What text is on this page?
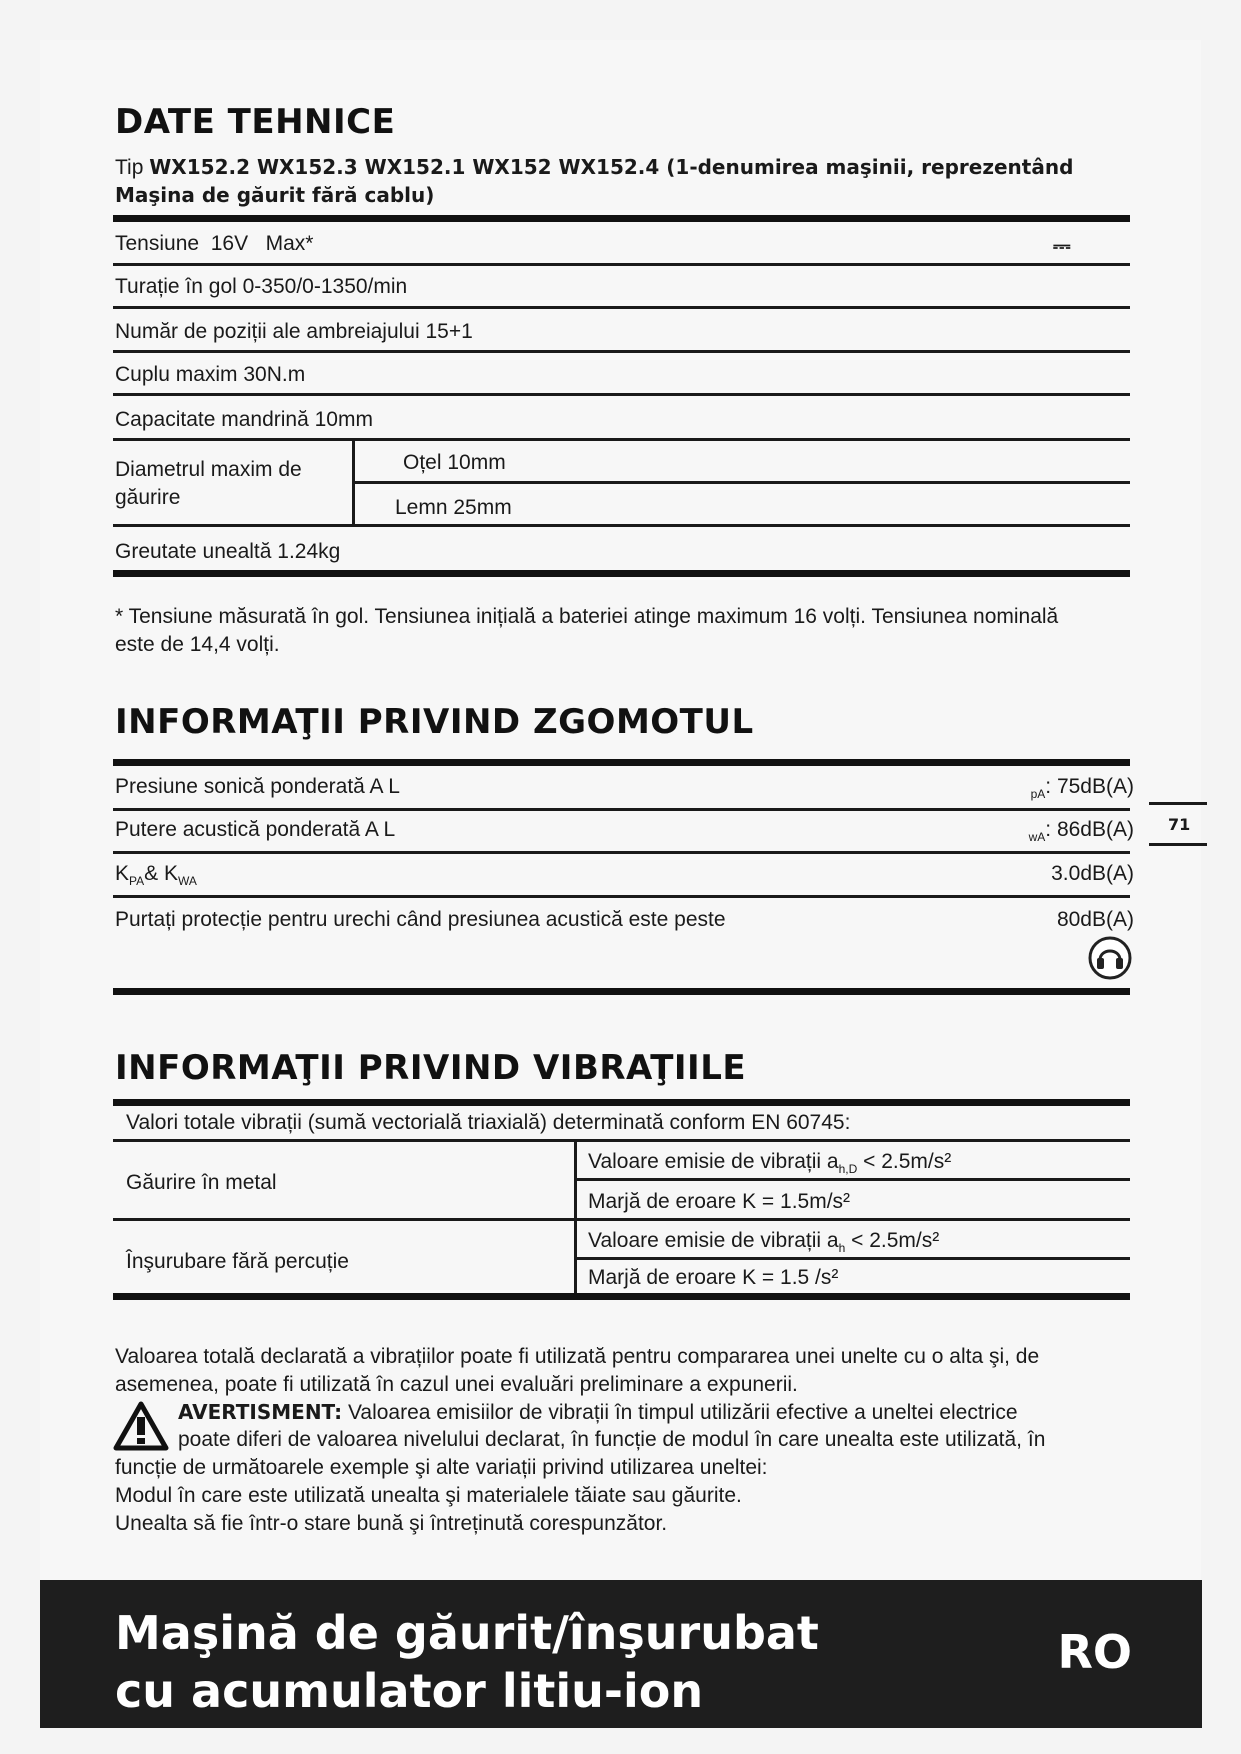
DATE TEHNICE
Tip WX152.2 WX152.3 WX152.1 WX152 WX152.4 (1-denumirea maşinii, reprezentând
Maşina de găurit fără cablu)
Tensiune 16V Max*	⎓
Turație în gol 0-350/0-1350/min
Număr de poziții ale ambreiajului 15+1
Cuplu maxim 30N.m
Capacitate mandrină 10mm
Diametrul maxim de
găurire
Oțel 10mm
Lemn 25mm
Greutate unealtă 1.24kg
* Tensiune măsurată în gol. Tensiunea inițială a bateriei atinge maximum 16 volți. Tensiunea nominală
este de 14,4 volți.
INFORMAŢII PRIVIND ZGOMOTUL
Presiune sonică ponderată A L	$_{pA}$: 75dB(A)
Putere acustică ponderată A L	$_{wA}$: 86dB(A)
$K_{PA}\&$ $K_{WA}$	3.0dB(A)
Purtați protecție pentru urechi când presiunea acustică este peste	80dB(A)
71
INFORMAŢII PRIVIND VIBRAŢIILE
Valori totale vibrații (sumă vectorială triaxială) determinată conform EN 60745:
Găurire în metal
Valoare emisie de vibrații $a_{h,D} < 2.5m/s^2$
Marjă de eroare K = 1.5m/s²
Înşurubare fără percuție
Valoare emisie de vibrații $a_h < 2.5m/s^2$
Marjă de eroare K = 1.5 /s²
Valoarea totală declarată a vibrațiilor poate fi utilizată pentru compararea unei unelte cu o alta şi, de
asemenea, poate fi utilizată în cazul unei evaluări preliminare a expunerii.
AVERTISMENT: Valoarea emisiilor de vibrații în timpul utilizării efective a uneltei electrice
poate diferi de valoarea nivelului declarat, în funcție de modul în care unealta este utilizată, în
funcție de următoarele exemple şi alte variații privind utilizarea uneltei:
Modul în care este utilizată unealta şi materialele tăiate sau găurite.
Unealta să fie într-o stare bună şi întreținută corespunzător.
Maşină de găurit/înşurubat
cu acumulator litiu-ion
RO
